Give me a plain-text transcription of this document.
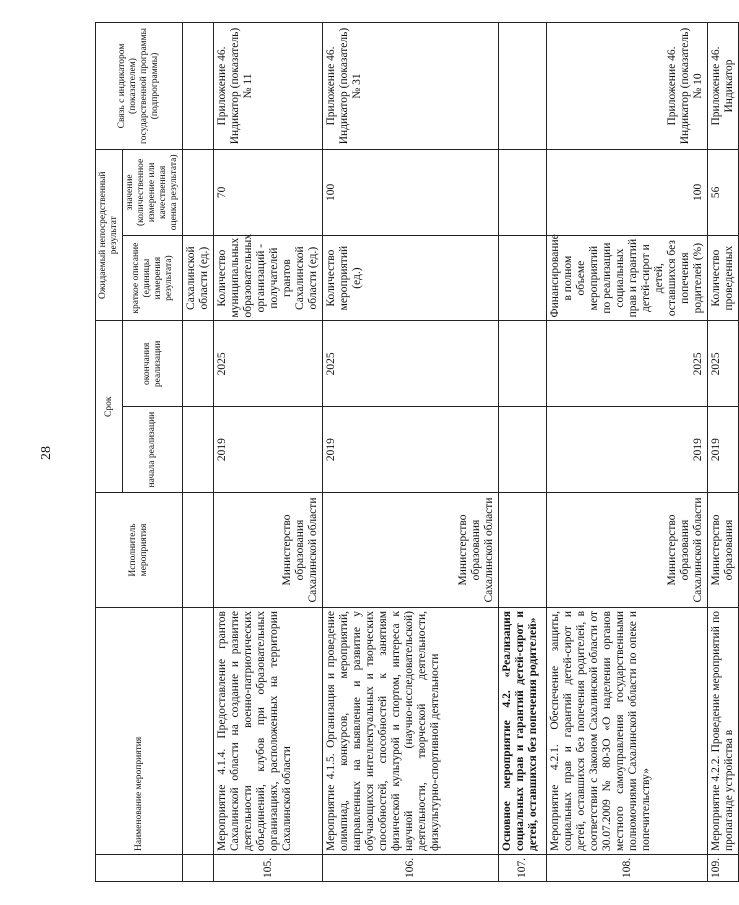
28
	Наименование мероприятия	Исполнитель мероприятия	Срок		Ожидаемый непосредственный результат		Связь с индикатором (показателем) государственной программы (подпрограммы)
			начала реализации	окончания реализации	краткое описание (единицы измерения результата)	значение (количественное измерение или качественная оценка результата)	
					Сахалинской области (ед.)		
105.	Мероприятие 4.1.4. Предоставление грантов Сахалинской области на создание и развитие деятельности военно-патриотических объединений, клубов при образовательных организациях, расположенных на территории Сахалинской области	Министерство образования Сахалинской области	2019	2025	Количество муниципальных образовательных организаций - получателей грантов Сахалинской области (ед.)	70	Приложение 46. Индикатор (показатель) № 11
106.	Мероприятие 4.1.5. Организация и проведение олимпиад, конкурсов, мероприятий, направленных на выявление и развитие у обучающихся интеллектуальных и творческих способностей, способностей к занятиям физической культурой и спортом, интереса к научной (научно-исследовательской) деятельности, творческой деятельности, физкультурно-спортивной деятельности	Министерство образования Сахалинской области	2019	2025	Количество мероприятий (ед.)	100	Приложение 46. Индикатор (показатель) № 31
107.	Основное мероприятие 4.2. «Реализация социальных прав и гарантий детей-сирот и детей, оставшихся без попечения родителей»						
108.	Мероприятие 4.2.1. Обеспечение защиты, социальных прав и гарантий детей-сирот и детей, оставшихся без попечения родителей, в соответствии с Законом Сахалинской области от 30.07.2009 № 80-ЗО «О наделении органов местного самоуправления государственными полномочиями Сахалинской области по опеке и попечительству»	Министерство образования Сахалинской области	2019	2025	Финансирование в полном объеме мероприятий по реализации социальных прав и гарантий детей-сирот и детей, оставшихся без попечения родителей (%)	100	Приложение 46. Индикатор (показатель) № 10
109.	Мероприятие 4.2.2. Проведение мероприятий по пропаганде устройства в	Министерство образования	2019	2025	Количество проведенных	56	Приложение 46. Индикатор
